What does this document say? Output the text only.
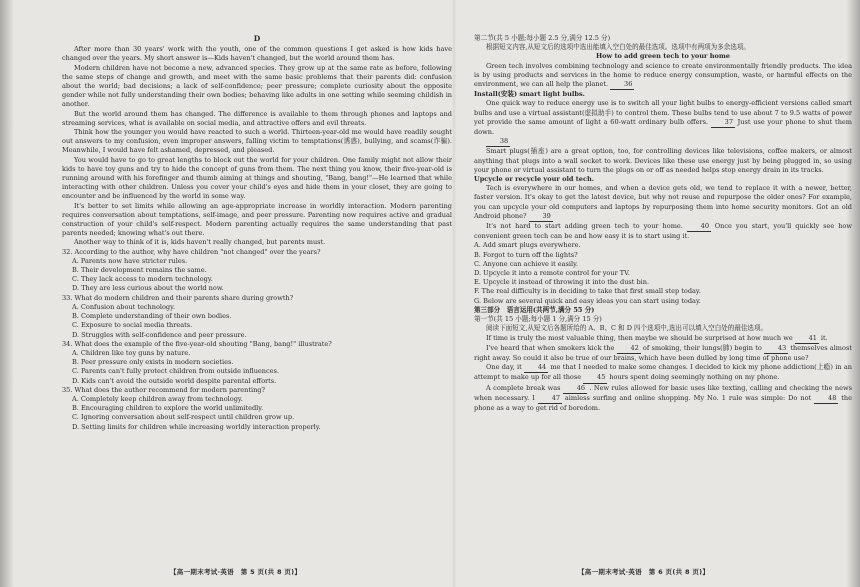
D

After more than 30 years' work with the youth, one of the common questions I get asked is how kids have changed over the years. My short answer is—Kids haven't changed, but the world around them has.

Modern children have not become a new, advanced species. They grow up at the same rate as before, following the same steps of change and growth, and meet with the same basic problems that their parents did: confusion about the world; bad decisions; a lack of self-confidence; peer pressure; complete curiosity about the opposite gender while not fully understanding their own bodies; behaving like adults in one setting while seeming childish in another.

But the world around them has changed. The difference is available to them through phones and laptops and streaming services, what is available on social media, and attractive offers and evil threats.

Think how the younger you would have reacted to such a world. Thirteen-year-old me would have readily sought out answers to my confusion, even improper answers, falling victim to temptations(诱惑), bullying, and scams(诈骗). Meanwhile, I would have felt ashamed, depressed, and pleased.

You would have to go to great lengths to block out the world for your children. One family might not allow their kids to have toy guns and try to hide the concept of guns from them. The next thing you know, their five-year-old is running around with his forefinger and thumb aiming at things and shouting, "Bang, bang!"—He learned that while interacting with other children. Unless you cover your child's eyes and hide them in your closet, they are going to encounter and be influenced by the world in some way.

It's better to set limits while allowing an age-appropriate increase in worldly interaction. Modern parenting requires conversation about temptations, self-image, and peer pressure. Parenting now requires active and gradual construction of your child's self-respect. Modern parenting actually requires the same understanding that past parents needed; knowing what's out there.

Another way to think of it is, kids haven't really changed, but parents must.

32. According to the author, why have children "not changed" over the years?

A. Parents now have stricter rules.

B. Their development remains the same.

C. They lack access to modern technology.

D. They are less curious about the world now.

33. What do modern children and their parents share during growth?

A. Confusion about technology.

B. Complete understanding of their own bodies.

C. Exposure to social media threats.

D. Struggles with self-confidence and peer pressure.

34. What does the example of the five-year-old shouting "Bang, bang!" illustrate?

A. Children like toy guns by nature.

B. Peer pressure only exists in modern societies.

C. Parents can't fully protect children from outside influences.

D. Kids can't avoid the outside world despite parental efforts.

35. What does the author recommend for modern parenting?

A. Completely keep children away from technology.

B. Encouraging children to explore the world unlimitedly.

C. Ignoring conversation about self-respect until children grow up.

D. Setting limits for children while increasing worldly interaction properly.

【高一期末考试·英语　第 5 页(共 8 页)】

第二节(共 5 小题;每小题 2.5 分,满分 12.5 分)

根据短文内容,从短文后的选项中选出能填入空白处的最佳选项。选项中有两项为多余选项。

How to add green tech to your home

Green tech involves combining technology and science to create environmentally friendly products. The idea is by using products and services in the home to reduce energy consumption, waste, or harmful effects on the environment, we can all help the planet. 36

Install(安装) smart light bulbs.

One quick way to reduce energy use is to switch all your light bulbs to energy-efficient versions called smart bulbs and use a virtual assistant(虚拟助手) to control them. These bulbs tend to use about 7 to 9.5 watts of power yet provide the same amount of light a 60-watt ordinary bulb offers.	37 Just use your phone to shut them down.

38

Smart plugs(插座) are a great option, too, for controlling devices like televisions, coffee makers, or almost anything that plugs into a wall socket to work. Devices like these use energy just by being plugged in, so using your phone or virtual assistant to turn the plugs on or off as needed helps stop energy drain in its tracks.

Upcycle or recycle your old tech.

Tech is everywhere in our homes, and when a device gets old, we tend to replace it with a newer, better, faster version. It's okay to get the latest device, but why not reuse and repurpose the older ones? For example, you can upcycle your old computers and laptops by repurposing them into home security monitors. Got an old Android phone? 39

It's not hard to start adding green tech to your home.	40 Once you start, you'll quickly see how convenient green tech can be and how easy it is to start using it.

A. Add smart plugs everywhere.

B. Forgot to turn off the lights?

C. Anyone can achieve it easily.

D. Upcycle it into a remote control for your TV.

E. Upcycle it instead of throwing it into the dust bin.

F. The real difficulty is in deciding to take that first small step today.

G. Below are several quick and easy ideas you can start using today.

第三部分　语言运用(共两节,满分 55 分)

第一节(共 15 小题;每小题 1 分,满分 15 分)

阅读下面短文,从短文后各题所给的 A、B、C 和 D 四个选项中,选出可以填入空白处的最佳选项。

If time is truly the most valuable thing, then maybe we should be surprised at how much we 41 it.

I've heard that when smokers kick the 42 of smoking, their lungs(肺) begin to 43 themselves almost right away. So could it also be true of our brains, which have been dulled by long time of phone use?

One day, it 44 me that I needed to make some changes. I decided to kick my phone addiction(上瘾) in an attempt to make up for all those 45 hours spent doing seemingly nothing on my phone.

A complete break was 46 . New rules allowed for basic uses like texting, calling and checking the news when necessary. I	47 aimless surfing and online shopping. My No. 1 rule was simple: Do not	48 the phone as a way to get rid of boredom.

【高一期末考试·英语　第 6 页(共 8 页)】
